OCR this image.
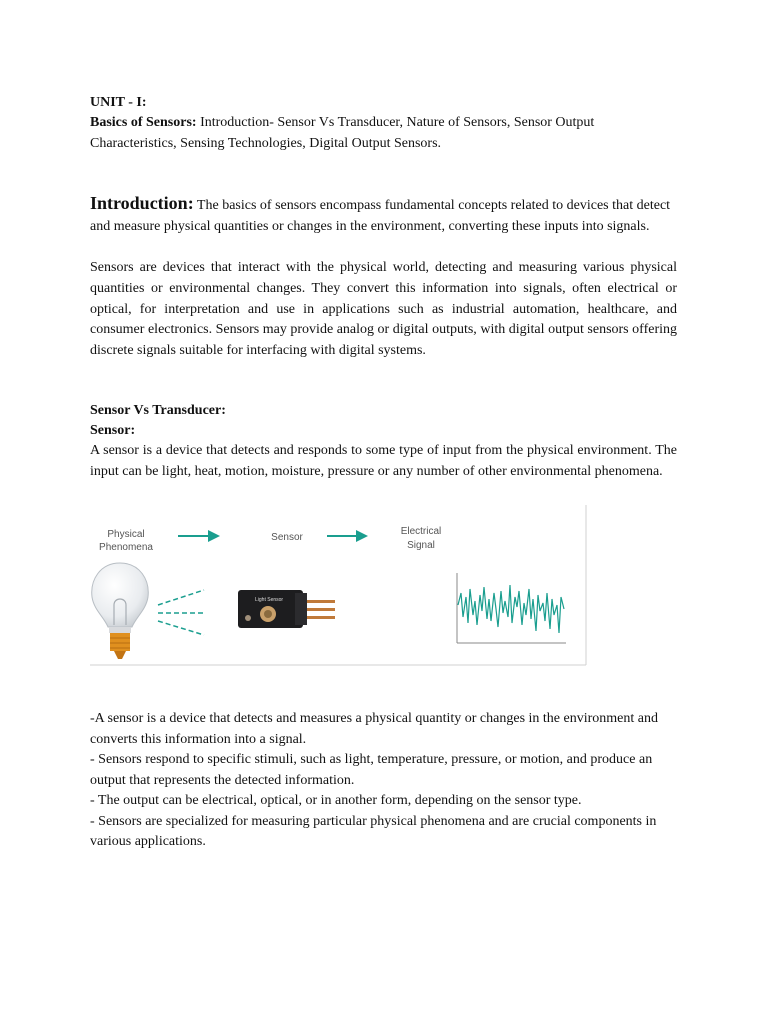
UNIT - I:
Basics of Sensors: Introduction- Sensor Vs Transducer, Nature of Sensors, Sensor Output Characteristics, Sensing Technologies, Digital Output Sensors.
Introduction: The basics of sensors encompass fundamental concepts related to devices that detect and measure physical quantities or changes in the environment, converting these inputs into signals.
Sensors are devices that interact with the physical world, detecting and measuring various physical quantities or environmental changes. They convert this information into signals, often electrical or optical, for interpretation and use in applications such as industrial automation, healthcare, and consumer electronics. Sensors may provide analog or digital outputs, with digital output sensors offering discrete signals suitable for interfacing with digital systems.
Sensor Vs Transducer:
Sensor:
A sensor is a device that detects and responds to some type of input from the physical environment. The input can be light, heat, motion, moisture, pressure or any number of other environmental phenomena.
-A sensor is a device that detects and measures a physical quantity or changes in the environment and converts this information into a signal.
- Sensors respond to specific stimuli, such as light, temperature, pressure, or motion, and produce an output that represents the detected information.
- The output can be electrical, optical, or in another form, depending on the sensor type.
- Sensors are specialized for measuring particular physical phenomena and are crucial components in various applications.
Physical
Phenomena
Sensor
Electrical
Signal
Light Sensor
